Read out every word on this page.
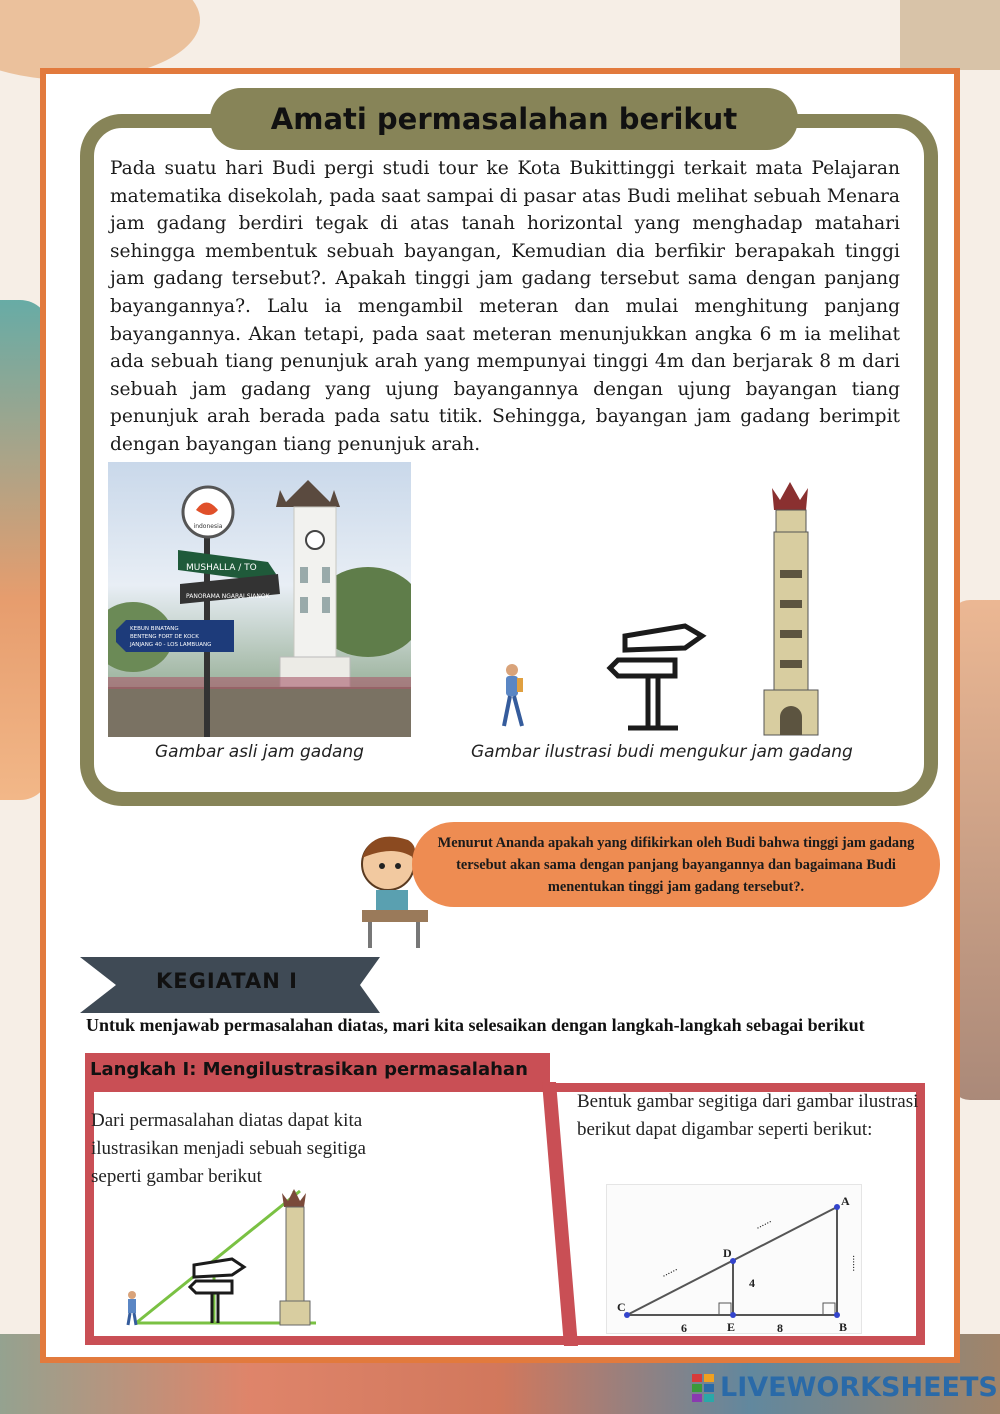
Amati permasalahan berikut

Pada suatu hari Budi pergi studi tour ke Kota Bukittinggi terkait mata Pelajaran matematika disekolah, pada saat sampai di pasar atas Budi melihat sebuah Menara jam gadang berdiri tegak di atas tanah horizontal yang menghadap matahari sehingga membentuk sebuah bayangan, Kemudian dia berfikir berapakah tinggi jam gadang tersebut?. Apakah tinggi jam gadang tersebut sama dengan panjang bayangannya?. Lalu ia mengambil meteran dan mulai menghitung panjang bayangannya. Akan tetapi, pada saat meteran menunjukkan angka 6 m ia melihat ada sebuah tiang penunjuk arah yang mempunyai tinggi 4m dan berjarak 8 m dari sebuah jam gadang yang ujung bayangannya dengan ujung bayangan tiang penunjuk arah berada pada satu titik. Sehingga, bayangan jam gadang berimpit dengan bayangan tiang penunjuk arah.

indonesia
MUSHALLA / TO
PANORAMA NGARAI SIANOK
KEBUN BINATANG
BENTENG FORT DE KOCK
JANJANG 40 - LOS LAMBUANG
Gambar asli jam gadang	Gambar ilustrasi budi mengukur jam gadang
Menurut Ananda apakah yang difikirkan oleh Budi bahwa tinggi jam gadang tersebut akan sama dengan panjang bayangannya dan bagaimana Budi menentukan tinggi jam gadang tersebut?.
KEGIATAN I
Untuk menjawab permasalahan diatas, mari kita selesaikan dengan langkah-langkah sebagai berikut
Langkah I: Mengilustrasikan permasalahan

Dari permasalahan diatas dapat kita ilustrasikan menjadi sebuah segitiga seperti gambar berikut

Bentuk gambar segitiga dari gambar ilustrasi berikut dapat digambar seperti berikut:

C
D
E
A
B
4
6	8
......
......
......
LIVEWORKSHEETS
